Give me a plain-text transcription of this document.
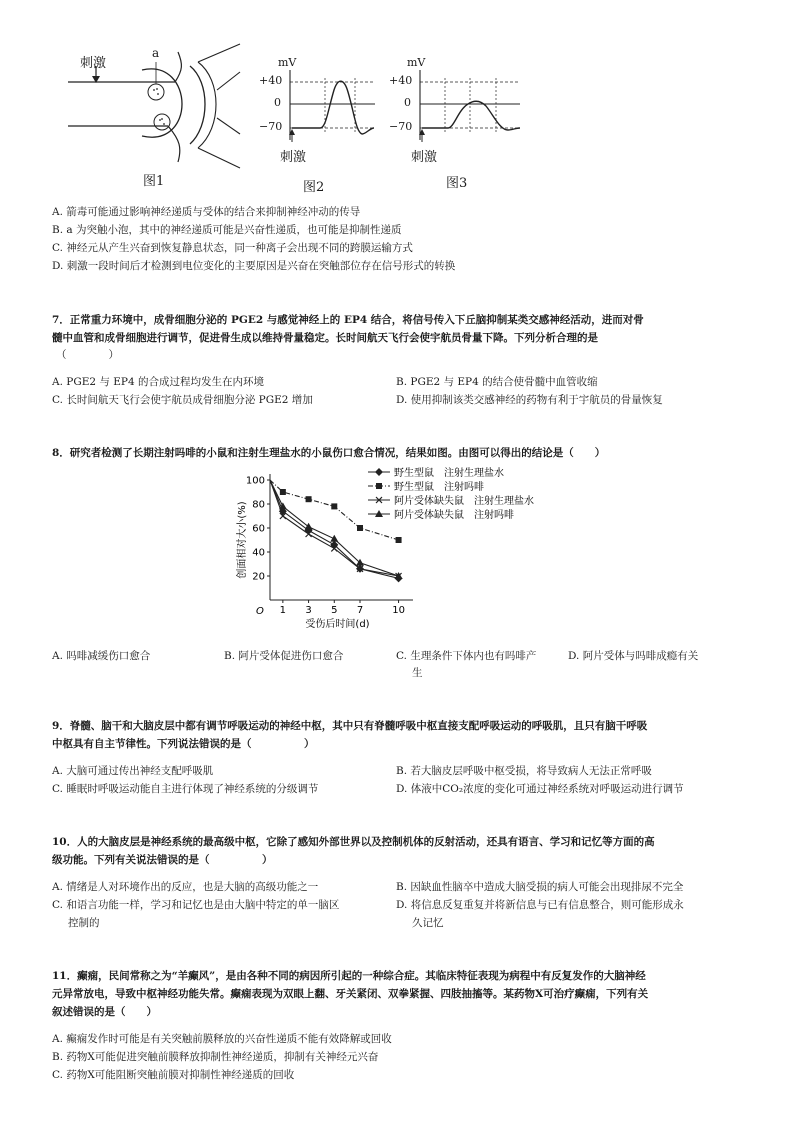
刺激
a
图1
mV
+40
0
−70
刺激
图2
mV
+40
0
−70
刺激
图3
A. 箭毒可能通过影响神经递质与受体的结合来抑制神经冲动的传导
B. a 为突触小泡，其中的神经递质可能是兴奋性递质，也可能是抑制性递质
C. 神经元从产生兴奋到恢复静息状态，同一种离子会出现不同的跨膜运输方式
D. 刺激一段时间后才检测到电位变化的主要原因是兴奋在突触部位存在信号形式的转换
7．正常重力环境中，成骨细胞分泌的 PGE2 与感觉神经上的 EP4 结合，将信号传入下丘脑抑制某类交感神经活动，进而对骨
髓中血管和成骨细胞进行调节，促进骨生成以维持骨量稳定。长时间航天飞行会使宇航员骨量下降。下列分析合理的是
（　　　　）
A. PGE2 与 EP4 的合成过程均发生在内环境	B. PGE2 与 EP4 的结合使骨髓中血管收缩
C. 长时间航天飞行会使宇航员成骨细胞分泌 PGE2 增加	D. 使用抑制该类交感神经的药物有利于宇航员的骨量恢复
8．研究者检测了长期注射吗啡的小鼠和注射生理盐水的小鼠伤口愈合情况，结果如图。由图可以得出的结论是（　　）
O
20
40
60
80
100
1 3 5 7	10
受伤后时间(d)
创面相对大小(%)
野生型鼠　注射生理盐水
野生型鼠　注射吗啡
阿片受体缺失鼠　注射生理盐水
阿片受体缺失鼠　注射吗啡
A. 吗啡减缓伤口愈合	B. 阿片受体促进伤口愈合	C. 生理条件下体内也有吗啡产	D. 阿片受体与吗啡成瘾有关
生
9．脊髓、脑干和大脑皮层中都有调节呼吸运动的神经中枢，其中只有脊髓呼吸中枢直接支配呼吸运动的呼吸肌，且只有脑干呼吸
中枢具有自主节律性。下列说法错误的是（　　　　　）
A. 大脑可通过传出神经支配呼吸肌	B. 若大脑皮层呼吸中枢受损，将导致病人无法正常呼吸
C. 睡眠时呼吸运动能自主进行体现了神经系统的分级调节	D. 体液中CO₂浓度的变化可通过神经系统对呼吸运动进行调节
10．人的大脑皮层是神经系统的最高级中枢，它除了感知外部世界以及控制机体的反射活动，还具有语言、学习和记忆等方面的高
级功能。下列有关说法错误的是（　　　　　）
A. 情绪是人对环境作出的反应，也是大脑的高级功能之一	B. 因缺血性脑卒中造成大脑受损的病人可能会出现排尿不完全
C. 和语言功能一样，学习和记忆也是由大脑中特定的单一脑区	D. 将信息反复重复并将新信息与已有信息整合，则可能形成永
控制的	久记忆
11．癫痫，民间常称之为“羊癫风”，是由各种不同的病因所引起的一种综合症。其临床特征表现为病程中有反复发作的大脑神经
元异常放电，导致中枢神经功能失常。癫痫表现为双眼上翻、牙关紧闭、双拳紧握、四肢抽搐等。某药物X可治疗癫痫，下列有关
叙述错误的是（　　）
A. 癫痫发作时可能是有关突触前膜释放的兴奋性递质不能有效降解或回收
B. 药物X可能促进突触前膜释放抑制性神经递质，抑制有关神经元兴奋
C. 药物X可能阻断突触前膜对抑制性神经递质的回收
